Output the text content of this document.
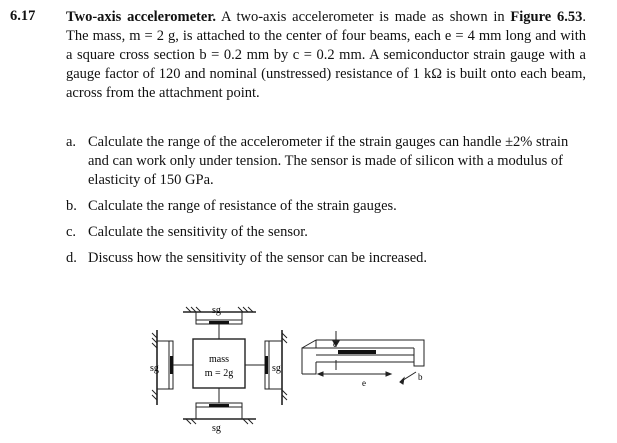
6.17 Two-axis accelerometer. A two-axis accelerometer is made as shown in Figure 6.53. The mass, m = 2 g, is attached to the center of four beams, each e = 4 mm long and with a square cross section b = 0.2 mm by c = 0.2 mm. A semiconductor strain gauge with a gauge factor of 120 and nominal (unstressed) resistance of 1 kΩ is built onto each beam, across from the attachment point.
a. Calculate the range of the accelerometer if the strain gauges can handle ±2% strain and can work only under tension. The sensor is made of silicon with a modulus of elasticity of 150 GPa.
b. Calculate the range of resistance of the strain gauges.
c. Calculate the sensitivity of the sensor.
d. Discuss how the sensitivity of the sensor can be increased.
sg
sg
sg	sg
mass
m = 2g
c
e
b
